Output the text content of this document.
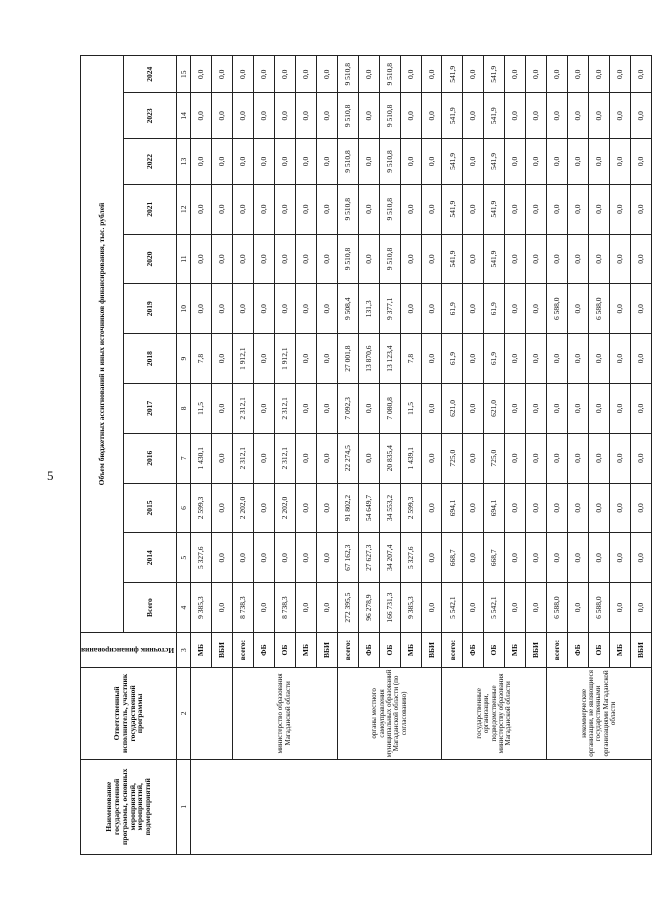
5
Наименование государственной программы, основных мероприятий, мероприятий, подмероприятий	Ответственный исполнитель, участник государственной программы	Источник финансирования	Объем бюджетных ассигнований и иных источников финансирования, тыс. рублей											
			Всего	2014	2015	2016	2017	2018	2019	2020	2021	2022	2023	2024
1	2	3	4	5	6	7	8	9	10	11	12	13	14	15
		МБ	9 385,3	5 327,6	2 599,3	1 430,1	11,5	7,8	0,0	0,0	0,0	0,0	0,0	0,0
		ВБИ	0,0	0,0	0,0	0,0	0,0	0,0	0,0	0,0	0,0	0,0	0,0	0,0
	министерство образования Магаданской области	всего:	8 738,3	0,0	2 202,0	2 312,1	2 312,1	1 912,1	0,0	0,0	0,0	0,0	0,0	0,0
		ФБ	0,0	0,0	0,0	0,0	0,0	0,0	0,0	0,0	0,0	0,0	0,0	0,0
		ОБ	8 738,3	0,0	2 202,0	2 312,1	2 312,1	1 912,1	0,0	0,0	0,0	0,0	0,0	0,0
		МБ	0,0	0,0	0,0	0,0	0,0	0,0	0,0	0,0	0,0	0,0	0,0	0,0
		ВБИ	0,0	0,0	0,0	0,0	0,0	0,0	0,0	0,0	0,0	0,0	0,0	0,0
	органы местного самоуправления муниципальных образований Магаданской области (по согласованию)	всего:	272 395,5	67 162,3	91 802,2	22 274,5	7 092,3	27 001,8	9 508,4	9 510,8	9 510,8	9 510,8	9 510,8	9 510,8
		ФБ	96 278,9	27 627,3	54 649,7	0,0	0,0	13 870,6	131,3	0,0	0,0	0,0	0,0	0,0
		ОБ	166 731,3	34 207,4	34 553,2	20 835,4	7 080,8	13 123,4	9 377,1	9 510,8	9 510,8	9 510,8	9 510,8	9 510,8
		МБ	9 385,3	5 327,6	2 599,3	1 439,1	11,5	7,8	0,0	0,0	0,0	0,0	0,0	0,0
		ВБИ	0,0	0,0	0,0	0,0	0,0	0,0	0,0	0,0	0,0	0,0	0,0	0,0
	государственные организации, подведомственные министерству образования Магаданской области	всего:	5 542,1	668,7	694,1	725,0	621,0	61,9	61,9	541,9	541,9	541,9	541,9	541,9
		ФБ	0,0	0,0	0,0	0,0	0,0	0,0	0,0	0,0	0,0	0,0	0,0	0,0
		ОБ	5 542,1	668,7	694,1	725,0	621,0	61,9	61,9	541,9	541,9	541,9	541,9	541,9
		МБ	0,0	0,0	0,0	0,0	0,0	0,0	0,0	0,0	0,0	0,0	0,0	0,0
		ВБИ	0,0	0,0	0,0	0,0	0,0	0,0	0,0	0,0	0,0	0,0	0,0	0,0
	некоммерческие организации, не являющиеся государственными организациями Магаданской области	всего:	6 588,0	0,0	0,0	0,0	0,0	0,0	6 588,0	0,0	0,0	0,0	0,0	0,0
		ФБ	0,0	0,0	0,0	0,0	0,0	0,0	0,0	0,0	0,0	0,0	0,0	0,0
		ОБ	6 588,0	0,0	0,0	0,0	0,0	0,0	6 588,0	0,0	0,0	0,0	0,0	0,0
		МБ	0,0	0,0	0,0	0,0	0,0	0,0	0,0	0,0	0,0	0,0	0,0	0,0
		ВБИ	0,0	0,0	0,0	0,0	0,0	0,0	0,0	0,0	0,0	0,0	0,0	0,0
